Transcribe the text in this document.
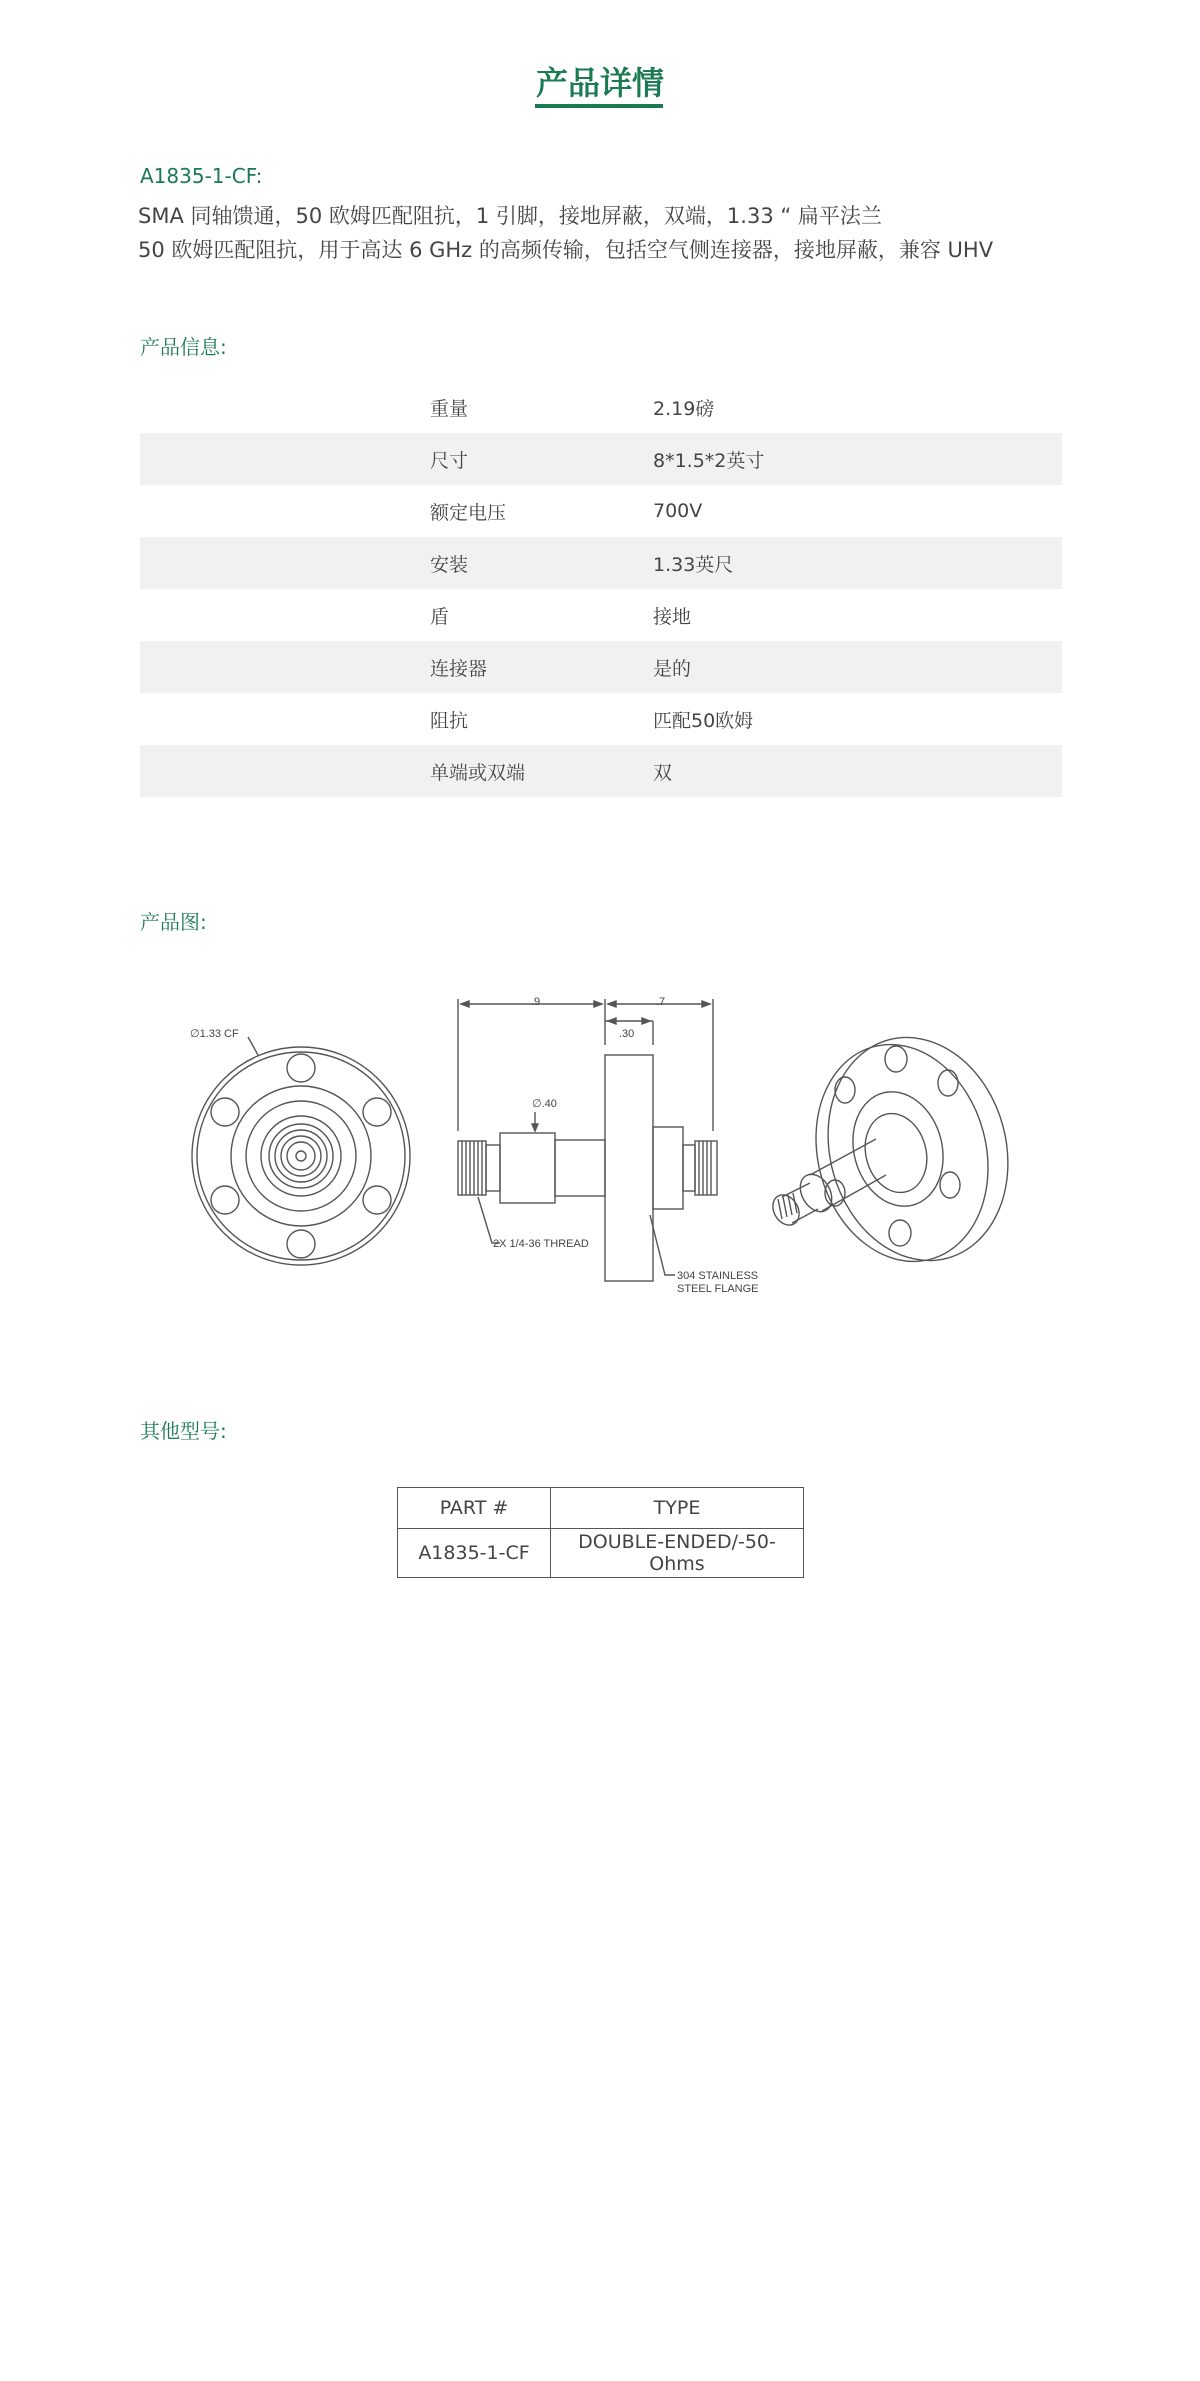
产品详情
A1835-1-CF:
SMA 同轴馈通，50 欧姆匹配阻抗，1 引脚，接地屏蔽，双端，1.33 “ 扁平法兰
50 欧姆匹配阻抗，用于高达 6 GHz 的高频传输，包括空气侧连接器，接地屏蔽，兼容 UHV
产品信息:
重量	2.19磅
尺寸	8*1.5*2英寸
额定电压	700V
安装	1.33英尺
盾	接地
连接器	是的
阻抗	匹配50欧姆
单端或双端	双
产品图:
∅1.33 CF
.9	.7
.30
∅.40
2X 1/4-36 THREAD
304 STAINLESS
STEEL FLANGE
其他型号:
PART #	TYPE
A1835-1-CF	DOUBLE-ENDED/-50-Ohms
